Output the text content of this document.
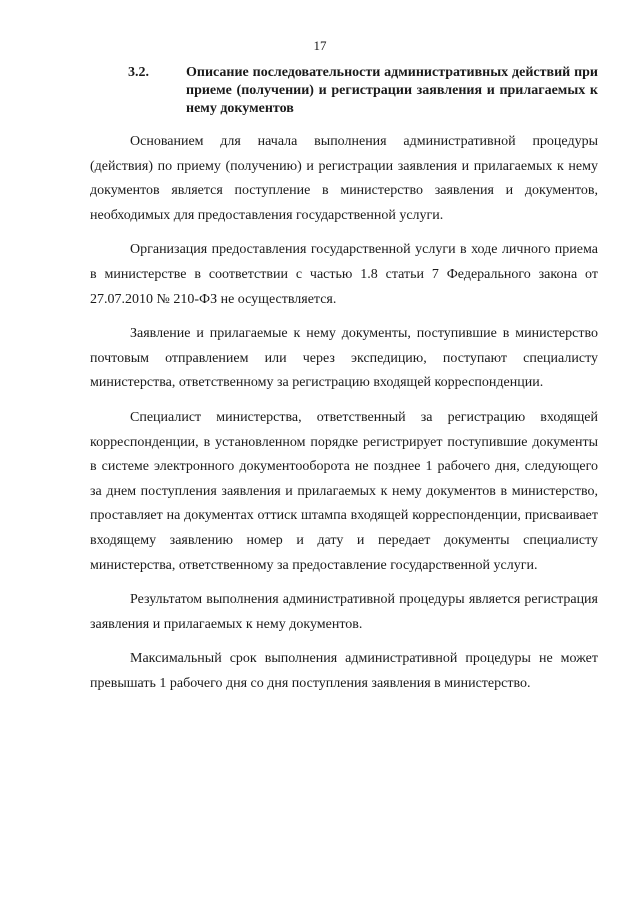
17
3.2.	Описание последовательности административных действий при приеме (получении) и регистрации заявления и прилагаемых к нему документов

Основанием для начала выполнения административной процедуры (действия) по приему (получению) и регистрации заявления и прилагаемых к нему документов является поступление в министерство заявления и документов, необходимых для предоставления государственной услуги.

Организация предоставления государственной услуги в ходе личного приема в министерстве в соответствии с частью 1.8 статьи 7 Федерального закона от 27.07.2010 № 210-ФЗ не осуществляется.

Заявление и прилагаемые к нему документы, поступившие в министерство почтовым отправлением или через экспедицию, поступают специалисту министерства, ответственному за регистрацию входящей корреспонденции.

Специалист министерства, ответственный за регистрацию входящей корреспонденции, в установленном порядке регистрирует поступившие документы в системе электронного документооборота не позднее 1 рабочего дня, следующего за днем поступления заявления и прилагаемых к нему документов в министерство, проставляет на документах оттиск штампа входящей корреспонденции, присваивает входящему заявлению номер и дату и передает документы специалисту министерства, ответственному за предоставление государственной услуги.

Результатом выполнения административной процедуры является регистрация заявления и прилагаемых к нему документов.

Максимальный срок выполнения административной процедуры не может превышать 1 рабочего дня со дня поступления заявления в министерство.
